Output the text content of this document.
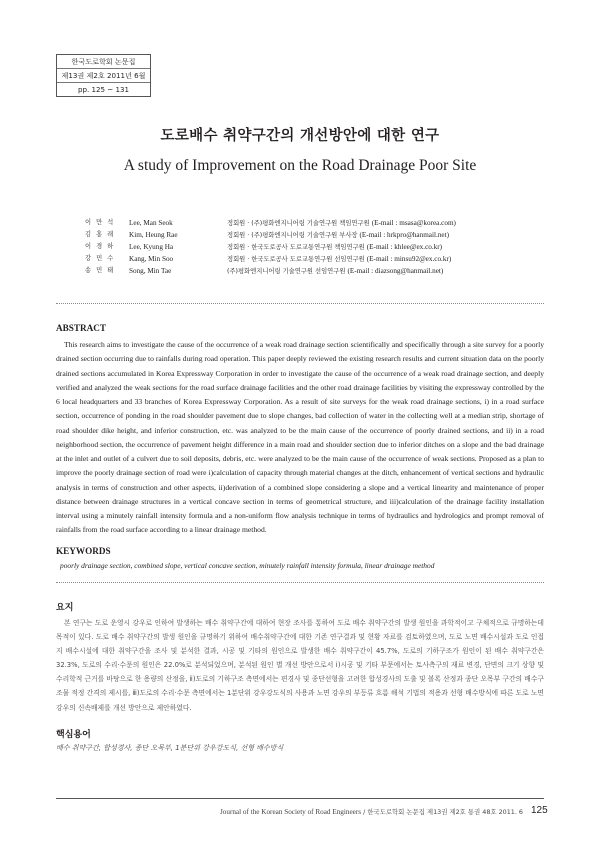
한국도로학회 논문집
제13권 제2호 2011년 6월
pp. 125 ~ 131
도로배수 취약구간의 개선방안에 대한 연구
A study of Improvement on the Road Drainage Poor Site
이 만 석	Lee, Man Seok	정회원 · (주)평화엔지니어링 기술연구원 책임연구원 (E-mail : msasa@korea.com)
김 홍 래	Kim, Heung Rae	정회원 · (주)평화엔지니어링 기술연구원 부사장 (E-mail : hrkpro@hanmail.net)
이 경 하	Lee, Kyung Ha	정회원 · 한국도로공사 도로교통연구원 책임연구원 (E-mail : khlee@ex.co.kr)
강 민 수	Kang, Min Soo	정회원 · 한국도로공사 도로교통연구원 선임연구원 (E-mail : minsu92@ex.co.kr)
송 민 태	Song, Min Tae	(주)평화엔지니어링 기술연구원 선임연구원 (E-mail : diazsong@hanmail.net)
ABSTRACT

This research aims to investigate the cause of the occurrence of a weak road drainage section scientifically and specifically through a site survey for a poorly drained section occurring due to rainfalls during road operation. This paper deeply reviewed the existing research results and current situation data on the poorly drained sections accumulated in Korea Expressway Corporation in order to investigate the cause of the occurrence of a weak road drainage section, and deeply verified and analyzed the weak sections for the road surface drainage facilities and the other road drainage facilities by visiting the expressway controlled by the 6 local headquarters and 33 branches of Korea Expressway Corporation. As a result of site surveys for the weak road drainage sections, i) in a road surface section, occurrence of ponding in the road shoulder pavement due to slope changes, bad collection of water in the collecting well at a median strip, shortage of road shoulder dike height, and inferior construction, etc. was analyzed to be the main cause of the occurrence of poorly drained sections, and ii) in a road neighborhood section, the occurrence of pavement height difference in a main road and shoulder section due to inferior ditches on a slope and the bad drainage at the inlet and outlet of a culvert due to soil deposits, debris, etc. were analyzed to be the main cause of the occurrence of weak sections. Proposed as a plan to improve the poorly drainage section of road were i)calculation of capacity through material changes at the ditch, enhancement of vertical sections and hydraulic analysis in terms of construction and other aspects, ii)derivation of a combined slope considering a slope and a vertical linearity and maintenance of proper distance between drainage structures in a vertical concave section in terms of geometrical structure, and iii)calculation of the drainage facility installation interval using a minutely rainfall intensity formula and a non-uniform flow analysis technique in terms of hydraulics and hydrologics and prompt removal of rainfalls from the road surface according to a linear drainage method.

KEYWORDS
poorly drainage section, combined slope, vertical concave section, minutely rainfall intensity formula, linear drainage method
요지

본 연구는 도로 운영시 강우로 인하여 발생하는 배수 취약구간에 대하여 현장 조사를 통하여 도로 배수 취약구간의 발생 원인을 과학적이고 구체적으로 규명하는데 목적이 있다. 도로 배수 취약구간의 발생 원인을 규명하기 위하여 배수취약구간에 대한 기존 연구결과 및 현황 자료를 검토하였으며, 도로 노면 배수시설과 도로 인접지 배수시설에 대한 취약구간을 조사 및 분석한 결과, 시공 및 기타의 원인으로 발생한 배수 취약구간이 45.7%, 도로의 기하구조가 원인이 된 배수 취약구간은 32.3%, 도로의 수리·수문의 원인은 22.0%로 분석되었으며, 분석된 원인 별 개선 방안으로서 ⅰ)시공 및 기타 부문에서는 토사측구의 재료 변경, 단면의 크기 상향 및 수리학적 근거를 바탕으로 한 용량의 산정을, ⅱ)도로의 기하구조 측면에서는 편경사 및 종단선형을 고려한 합성경사의 도출 및 볼록 산정과 종단 오목부 구간의 배수구조물 적정 간격의 제시를, ⅲ)도로의 수리·수문 측면에서는 1분단위 강우강도식의 사용과 노면 강우의 부등류 흐름 해석 기법의 적용과 선형 배수방식에 따른 도로 노면 강우의 신속배제를 개선 방안으로 제안하였다.

핵심용어
배수 취약구간, 합성경사, 종단 오목부, 1분단위 강우강도식, 선형 배수방식
Journal of the Korean Society of Road Engineers / 한국도로학회 논문집 제13권 제2호 통권 48호 2011. 6 125
